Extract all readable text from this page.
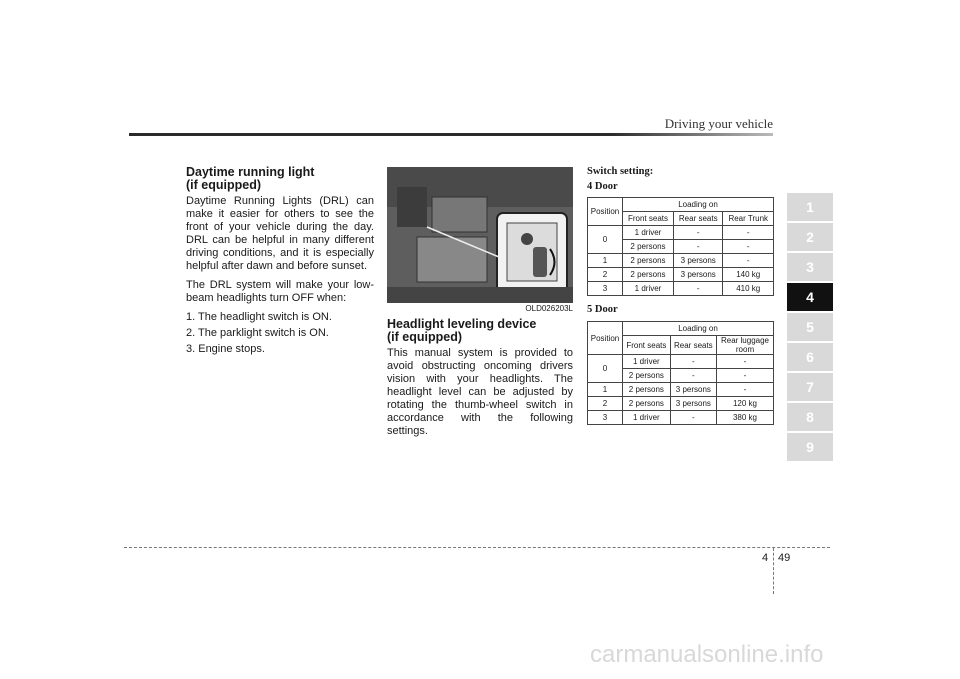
Driving your vehicle
Daytime running light
(if equipped)

Daytime Running Lights (DRL) can make it easier for others to see the front of your vehicle during the day. DRL can be helpful in many different driving conditions, and it is especially helpful after dawn and before sunset.

The DRL system will make your low-beam headlights turn OFF when:

1. The headlight switch is ON.
2. The parklight switch is ON.
3. Engine stops.
OLD026203L
Headlight leveling device
(if equipped)

This manual system is provided to avoid obstructing oncoming drivers vision with your headlights. The headlight level can be adjusted by rotating the thumb-wheel switch in accordance with the following settings.

Switch setting:
4 Door
Position	Loading on		
	Front seats	Rear seats	Rear Trunk
0	1 driver	-	-
	2 persons	-	-
1	2 persons	3 persons	-
2	2 persons	3 persons	140 kg
3	1 driver	-	410 kg
5 Door
Position	Loading on		
	Front seats	Rear seats	Rear luggage room
0	1 driver	-	-
	2 persons	-	-
1	2 persons	3 persons	-
2	2 persons	3 persons	120 kg
3	1 driver	-	380 kg
1
2
3
4
5
6
7
8
9
4 49
carmanualsonline.info
